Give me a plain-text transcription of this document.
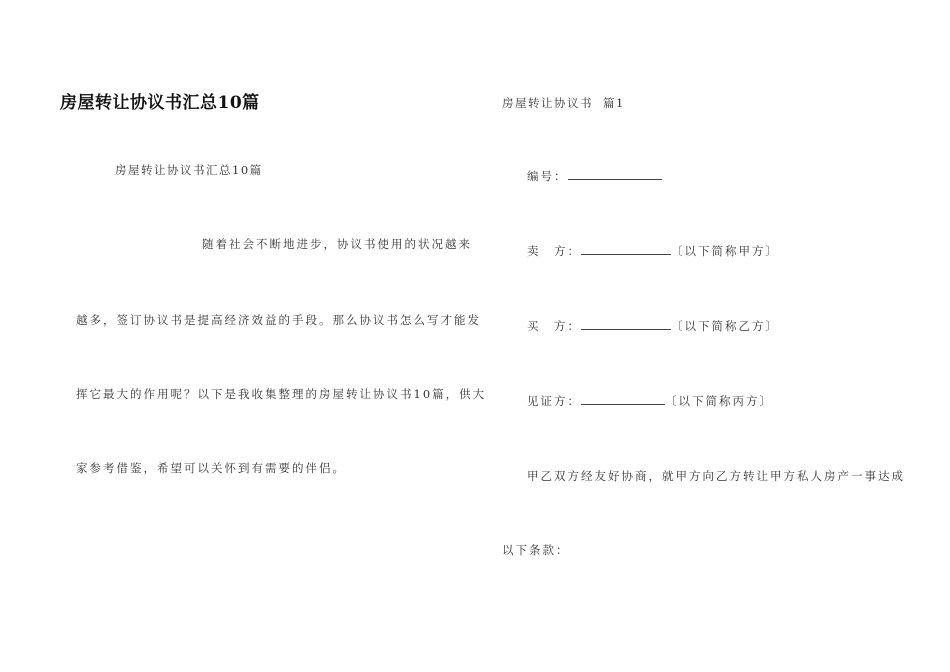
房屋转让协议书汇总10篇
房屋转让协议书汇总10篇
随着社会不断地进步，协议书使用的状况越来
越多，签订协议书是提高经济效益的手段。那么协议书怎么写才能发
挥它最大的作用呢？以下是我收集整理的房屋转让协议书10篇，供大
家参考借鉴，希望可以关怀到有需要的伴侣。
房屋转让协议书 篇1
编号：
卖　方：	〔以下简称甲方〕
买　方：	〔以下简称乙方〕
见证方：	〔以下简称丙方〕
甲乙双方经友好协商，就甲方向乙方转让甲方私人房产一事达成
以下条款：
